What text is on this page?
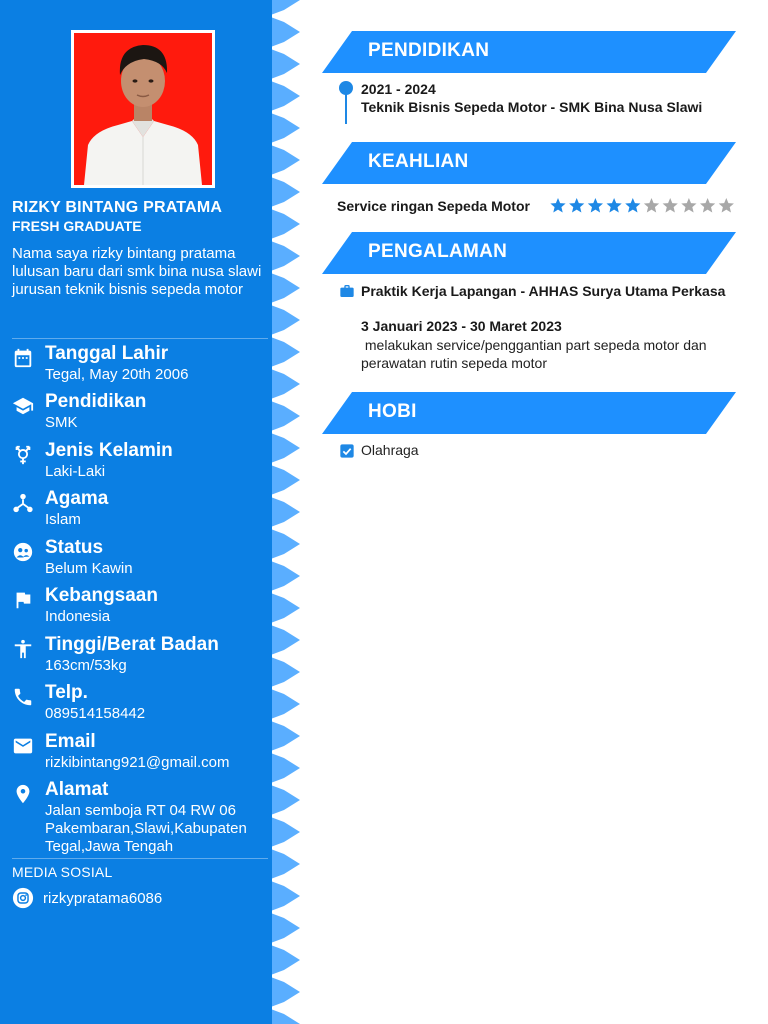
RIZKY BINTANG PRATAMA
FRESH GRADUATE
Nama saya rizky bintang pratama lulusan baru dari smk bina nusa slawi jurusan teknik bisnis sepeda motor
Tanggal Lahir
Tegal, May 20th 2006
Pendidikan
SMK
Jenis Kelamin
Laki-Laki
Agama
Islam
Status
Belum Kawin
Kebangsaan
Indonesia
Tinggi/Berat Badan
163cm/53kg
Telp.
089514158442
Email
rizkibintang921@gmail.com
Alamat
Jalan semboja RT 04 RW 06
Pakembaran,Slawi,Kabupaten
Tegal,Jawa Tengah
MEDIA SOSIAL
rizkypratama6086
PENDIDIKAN
2021 - 2024
Teknik Bisnis Sepeda Motor - SMK Bina Nusa Slawi
KEAHLIAN
Service ringan Sepeda Motor
PENGALAMAN
Praktik Kerja Lapangan - AHHAS Surya Utama Perkasa
3 Januari 2023 - 30 Maret 2023
melakukan service/penggantian part sepeda motor dan perawatan rutin sepeda motor
HOBI
Olahraga
